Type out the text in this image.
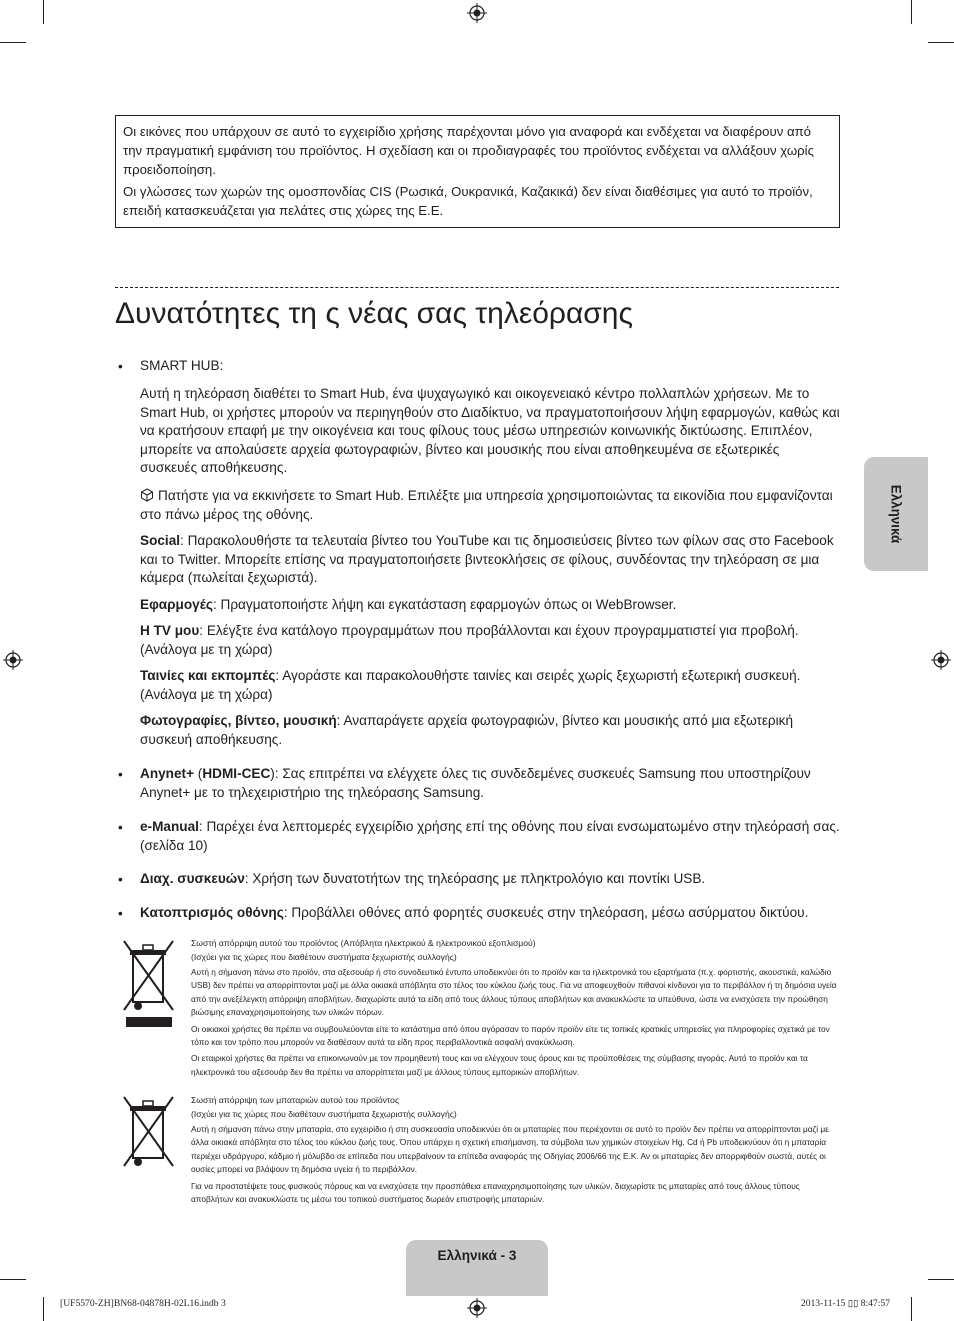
Οι εικόνες που υπάρχουν σε αυτό το εγχειρίδιο χρήσης παρέχονται μόνο για αναφορά και ενδέχεται να διαφέρουν από την πραγματική εμφάνιση του προϊόντος. Η σχεδίαση και οι προδιαγραφές του προϊόντος ενδέχεται να αλλάξουν χωρίς προειδοποίηση.

Οι γλώσσες των χωρών της ομοσπονδίας CIS (Ρωσικά, Ουκρανικά, Καζακικά) δεν είναι διαθέσιμες για αυτό το προϊόν, επειδή κατασκευάζεται για πελάτες στις χώρες της Ε.Ε.

Δυνατότητες τη ς νέας σας τηλεόρασης
• SMART HUB:
Αυτή η τηλεόραση διαθέτει το Smart Hub, ένα ψυχαγωγικό και οικογενειακό κέντρο πολλαπλών χρήσεων. Με το Smart Hub, οι χρήστες μπορούν να περιηγηθούν στο Διαδίκτυο, να πραγματοποιήσουν λήψη εφαρμογών, καθώς και να κρατήσουν επαφή με την οικογένεια και τους φίλους τους μέσω υπηρεσιών κοινωνικής δικτύωσης. Επιπλέον, μπορείτε να απολαύσετε αρχεία φωτογραφιών, βίντεο και μουσικής που είναι αποθηκευμένα σε εξωτερικές συσκευές αποθήκευσης.
Πατήστε για να εκκινήσετε το Smart Hub. Επιλέξτε μια υπηρεσία χρησιμοποιώντας τα εικονίδια που εμφανίζονται στο πάνω μέρος της οθόνης.
Social: Παρακολουθήστε τα τελευταία βίντεο του YouTube και τις δημοσιεύσεις βίντεο των φίλων σας στο Facebook και το Twitter. Μπορείτε επίσης να πραγματοποιήσετε βιντεοκλήσεις σε φίλους, συνδέοντας την τηλεόραση σε μια κάμερα (πωλείται ξεχωριστά).
Εφαρμογές: Πραγματοποιήστε λήψη και εγκατάσταση εφαρμογών όπως οι WebBrowser.
Η TV μου: Ελέγξτε ένα κατάλογο προγραμμάτων που προβάλλονται και έχουν προγραμματιστεί για προβολή. (Ανάλογα με τη χώρα)
Ταινίες και εκπομπές: Αγοράστε και παρακολουθήστε ταινίες και σειρές χωρίς ξεχωριστή εξωτερική συσκευή. (Ανάλογα με τη χώρα)
Φωτογραφίες, βίντεο, μουσική: Αναπαράγετε αρχεία φωτογραφιών, βίντεο και μουσικής από μια εξωτερική συσκευή αποθήκευσης.
• Anynet+ (HDMI-CEC): Σας επιτρέπει να ελέγχετε όλες τις συνδεδεμένες συσκευές Samsung που υποστηρίζουν Anynet+ με το τηλεχειριστήριο της τηλεόρασης Samsung.
• e-Manual: Παρέχει ένα λεπτομερές εγχειρίδιο χρήσης επί της οθόνης που είναι ενσωματωμένο στην τηλεόρασή σας. (σελίδα 10)
• Διαχ. συσκευών: Χρήση των δυνατοτήτων της τηλεόρασης με πληκτρολόγιο και ποντίκι USB.
• Κατοπτρισμός οθόνης: Προβάλλει οθόνες από φορητές συσκευές στην τηλεόραση, μέσω ασύρματου δικτύου.

Σωστή απόρριψη αυτού του προϊόντος (Απόβλητα ηλεκτρικού & ηλεκτρονικού εξοπλισμού)

(Ισχύει για τις χώρες που διαθέτουν συστήματα ξεχωριστής συλλογής)

Αυτή η σήμανση πάνω στο προϊόν, στα αξεσουάρ ή στο συνοδευτικό έντυπο υποδεικνύει ότι το προϊόν και τα ηλεκτρονικά του εξαρτήματα (π.χ. φορτιστής, ακουστικά, καλώδιο USB) δεν πρέπει να απορρίπτονται μαζί με άλλα οικιακά απόβλητα στο τέλος του κύκλου ζωής τους. Για να αποφευχθούν πιθανοί κίνδυνοι για το περιβάλλον ή τη δημόσια υγεία από την ανεξέλεγκτη απόρριψη αποβλήτων, διαχωρίστε αυτά τα είδη από τους άλλους τύπους αποβλήτων και ανακυκλώστε τα υπεύθυνα, ώστε να ενισχύσετε την προώθηση βιώσιμης επαναχρησιμοποίησης των υλικών πόρων.

Οι οικιακοί χρήστες θα πρέπει να συμβουλεύονται είτε το κατάστημα από όπου αγόρασαν το παρόν προϊόν είτε τις τοπικές κρατικές υπηρεσίες για πληροφορίες σχετικά με τον τόπο και τον τρόπο που μπορούν να διαθέσουν αυτά τα είδη προς περιβαλλοντικά ασφαλή ανακύκλωση.

Οι εταιρικοί χρήστες θα πρέπει να επικοινωνούν με τον προμηθευτή τους και να ελέγχουν τους όρους και τις προϋποθέσεις της σύμβασης αγοράς. Αυτό το προϊόν και τα ηλεκτρονικά του αξεσουάρ δεν θα πρέπει να απορρίπτεται μαζί με άλλους τύπους εμπορικών αποβλήτων.

Σωστή απόρριψη των μπαταριών αυτού του προϊόντος

(Ισχύει για τις χώρες που διαθέτουν συστήματα ξεχωριστής συλλογής)

Αυτή η σήμανση πάνω στην μπαταρία, στο εγχειρίδιο ή στη συσκευασία υποδεικνύει ότι οι μπαταρίες που περιέχονται σε αυτό το προϊόν δεν πρέπει να απορρίπτονται μαζί με άλλα οικιακά απόβλητα στο τέλος του κύκλου ζωής τους. Όπου υπάρχει η σχετική επισήμανση, τα σύμβολα των χημικών στοιχείων Hg, Cd ή Pb υποδεικνύουν ότι η μπαταρία περιέχει υδράργυρο, κάδμιο ή μόλυβδο σε επίπεδα που υπερβαίνουν τα επίπεδα αναφοράς της Οδηγίας 2006/66 της Ε.Κ. Αν οι μπαταρίες δεν απορριφθούν σωστά, αυτές οι ουσίες μπορεί να βλάψουν τη δημόσια υγεία ή το περιβάλλον.

Για να προστατέψετε τους φυσικούς πόρους και να ενισχύσετε την προσπάθεια επαναχρησιμοποίησης των υλικών, διαχωρίστε τις μπαταρίες από τους άλλους τύπους αποβλήτων και ανακυκλώστε τις μέσω του τοπικού συστήματος δωρεάν επιστροφής μπαταριών.

Ελληνικά
Ελληνικά - 3
[UF5570-ZH]BN68-04878H-02L16.indb 3	2013-11-15 ▯▯ 8:47:57
